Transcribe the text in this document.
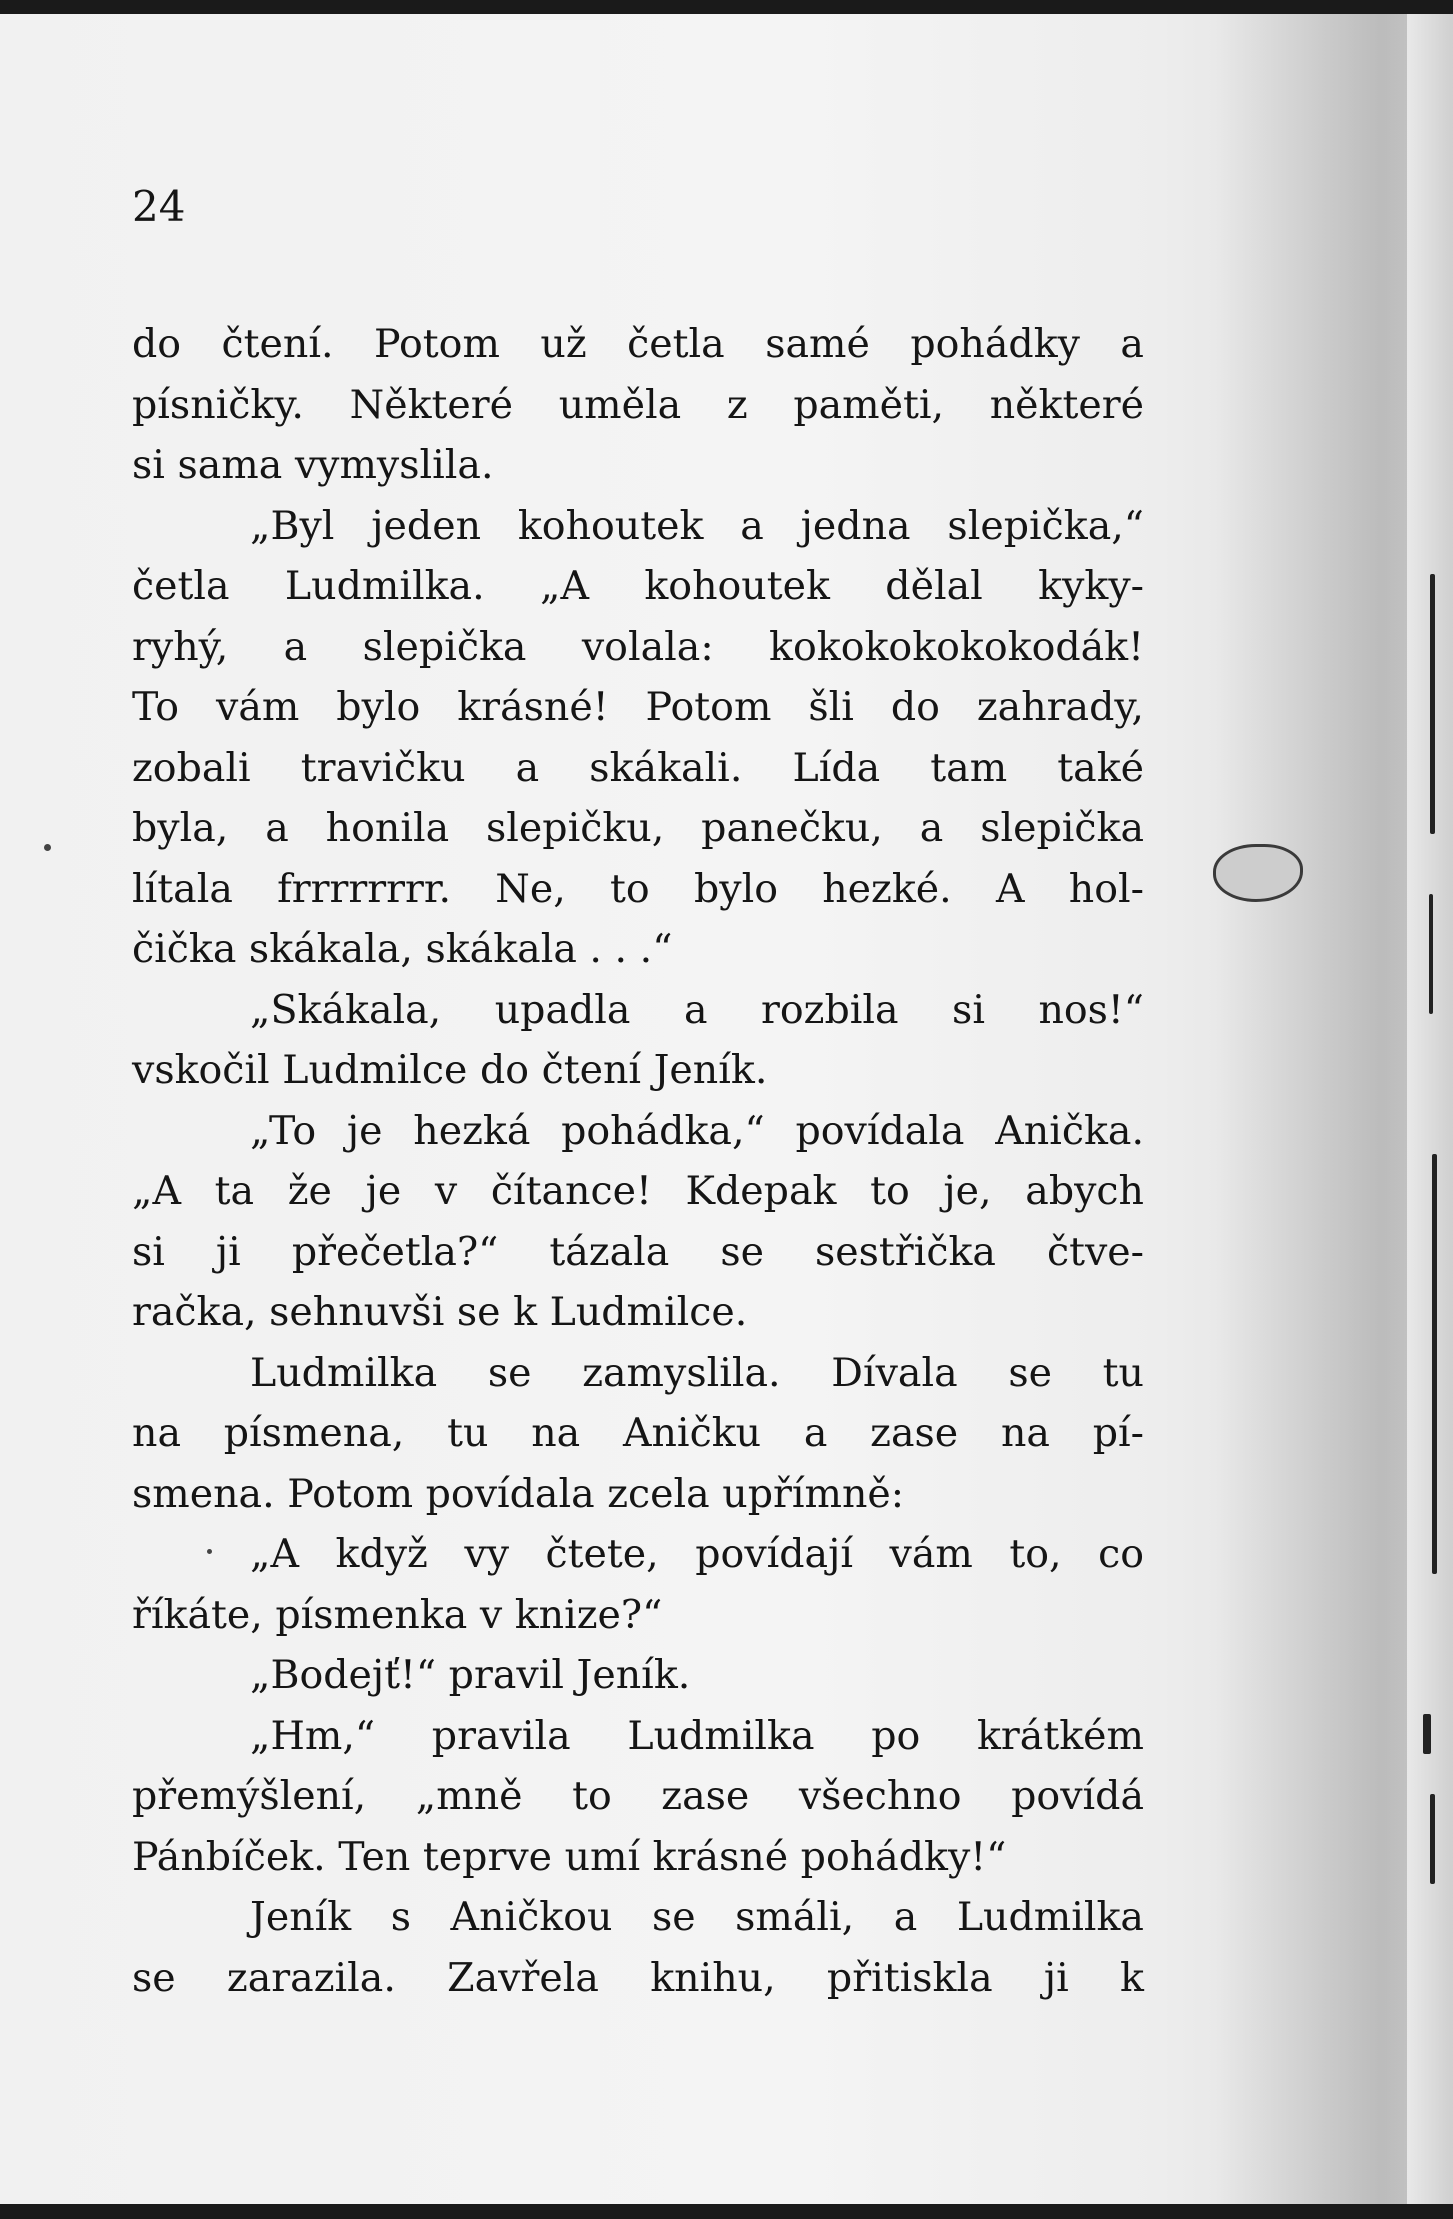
24
do čtení. Potom už četla samé pohádky a
písničky. Některé uměla z paměti, některé
si sama vymyslila.
„Byl jeden kohoutek a jedna slepička,“
četla Ludmilka. „A kohoutek dělal kyky-
ryhý, a slepička volala: kokokokokokodák!
To vám bylo krásné! Potom šli do zahrady,
zobali travičku a skákali. Lída tam také
byla, a honila slepičku, panečku, a slepička
lítala frrrrrrrr. Ne, to bylo hezké. A hol-
čička skákala, skákala . . .“
„Skákala, upadla a rozbila si nos!“
vskočil Ludmilce do čtení Jeník.
„To je hezká pohádka,“ povídala Anička.
„A ta že je v čítance! Kdepak to je, abych
si ji přečetla?“ tázala se sestřička čtve-
račka, sehnuvši se k Ludmilce.
Ludmilka se zamyslila. Dívala se tu
na písmena, tu na Aničku a zase na pí-
smena. Potom povídala zcela upřímně:
„A když vy čtete, povídají vám to, co
říkáte, písmenka v knize?“
„Bodejť!“ pravil Jeník.
„Hm,“ pravila Ludmilka po krátkém
přemýšlení, „mně to zase všechno povídá
Pánbíček. Ten teprve umí krásné pohádky!“
Jeník s Aničkou se smáli, a Ludmilka
se zarazila. Zavřela knihu, přitiskla ji k
